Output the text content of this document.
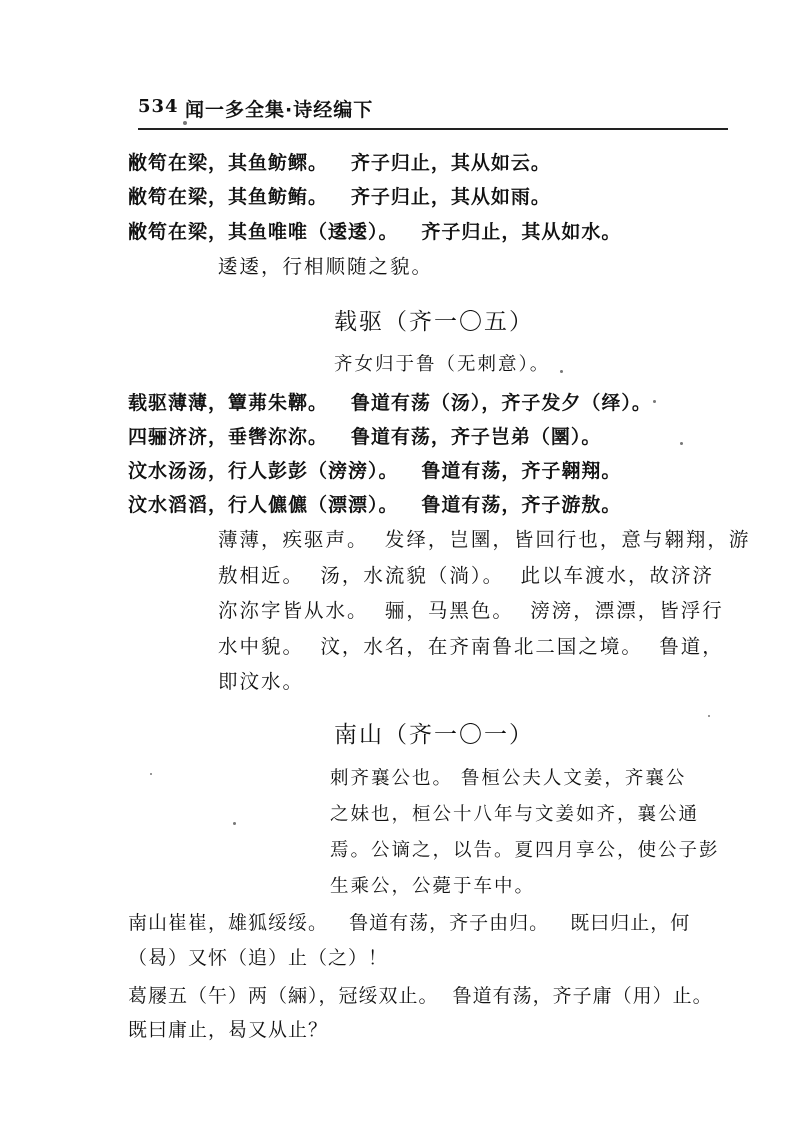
534 闻一多全集·诗经编下
敝笱在梁，其鱼鲂鳏。   齐子归止，其从如云。
敝笱在梁，其鱼鲂鲔。   齐子归止，其从如雨。
敝笱在梁，其鱼唯唯（逶逶）。   齐子归止，其从如水。
逶逶，行相顺随之貌。
载驱（齐一〇五）
齐女归于鲁（无刺意）。
载驱薄薄，簟茀朱鞹。   鲁道有荡（汤），齐子发夕（绎）。
四骊济济，垂辔沵沵。   鲁道有荡，齐子岂弟（圛）。
汶水汤汤，行人彭彭（滂滂）。   鲁道有荡，齐子翱翔。
汶水滔滔，行人儦儦（漂漂）。   鲁道有荡，齐子游敖。
薄薄，疾驱声。  发绎，岂圛，皆回行也，意与翱翔，游
敖相近。  汤，水流貌（淌）。  此以车渡水，故济济
沵沵字皆从水。  骊，马黑色。  滂滂，漂漂，皆浮行
水中貌。  汶，水名，在齐南鲁北二国之境。  鲁道，
即汶水。
南山（齐一〇一）
刺齐襄公也。 鲁桓公夫人文姜，齐襄公
之妹也，桓公十八年与文姜如齐，襄公通
焉。公谪之，以告。夏四月享公，使公子彭
生乘公，公薨于车中。
南山崔崔，雄狐绥绥。   鲁道有荡，齐子由归。   既曰归止，何
（曷）又怀（追）止（之）！
葛屦五（午）两（緉），冠绥双止。  鲁道有荡，齐子庸（用）止。
既曰庸止，曷又从止？
